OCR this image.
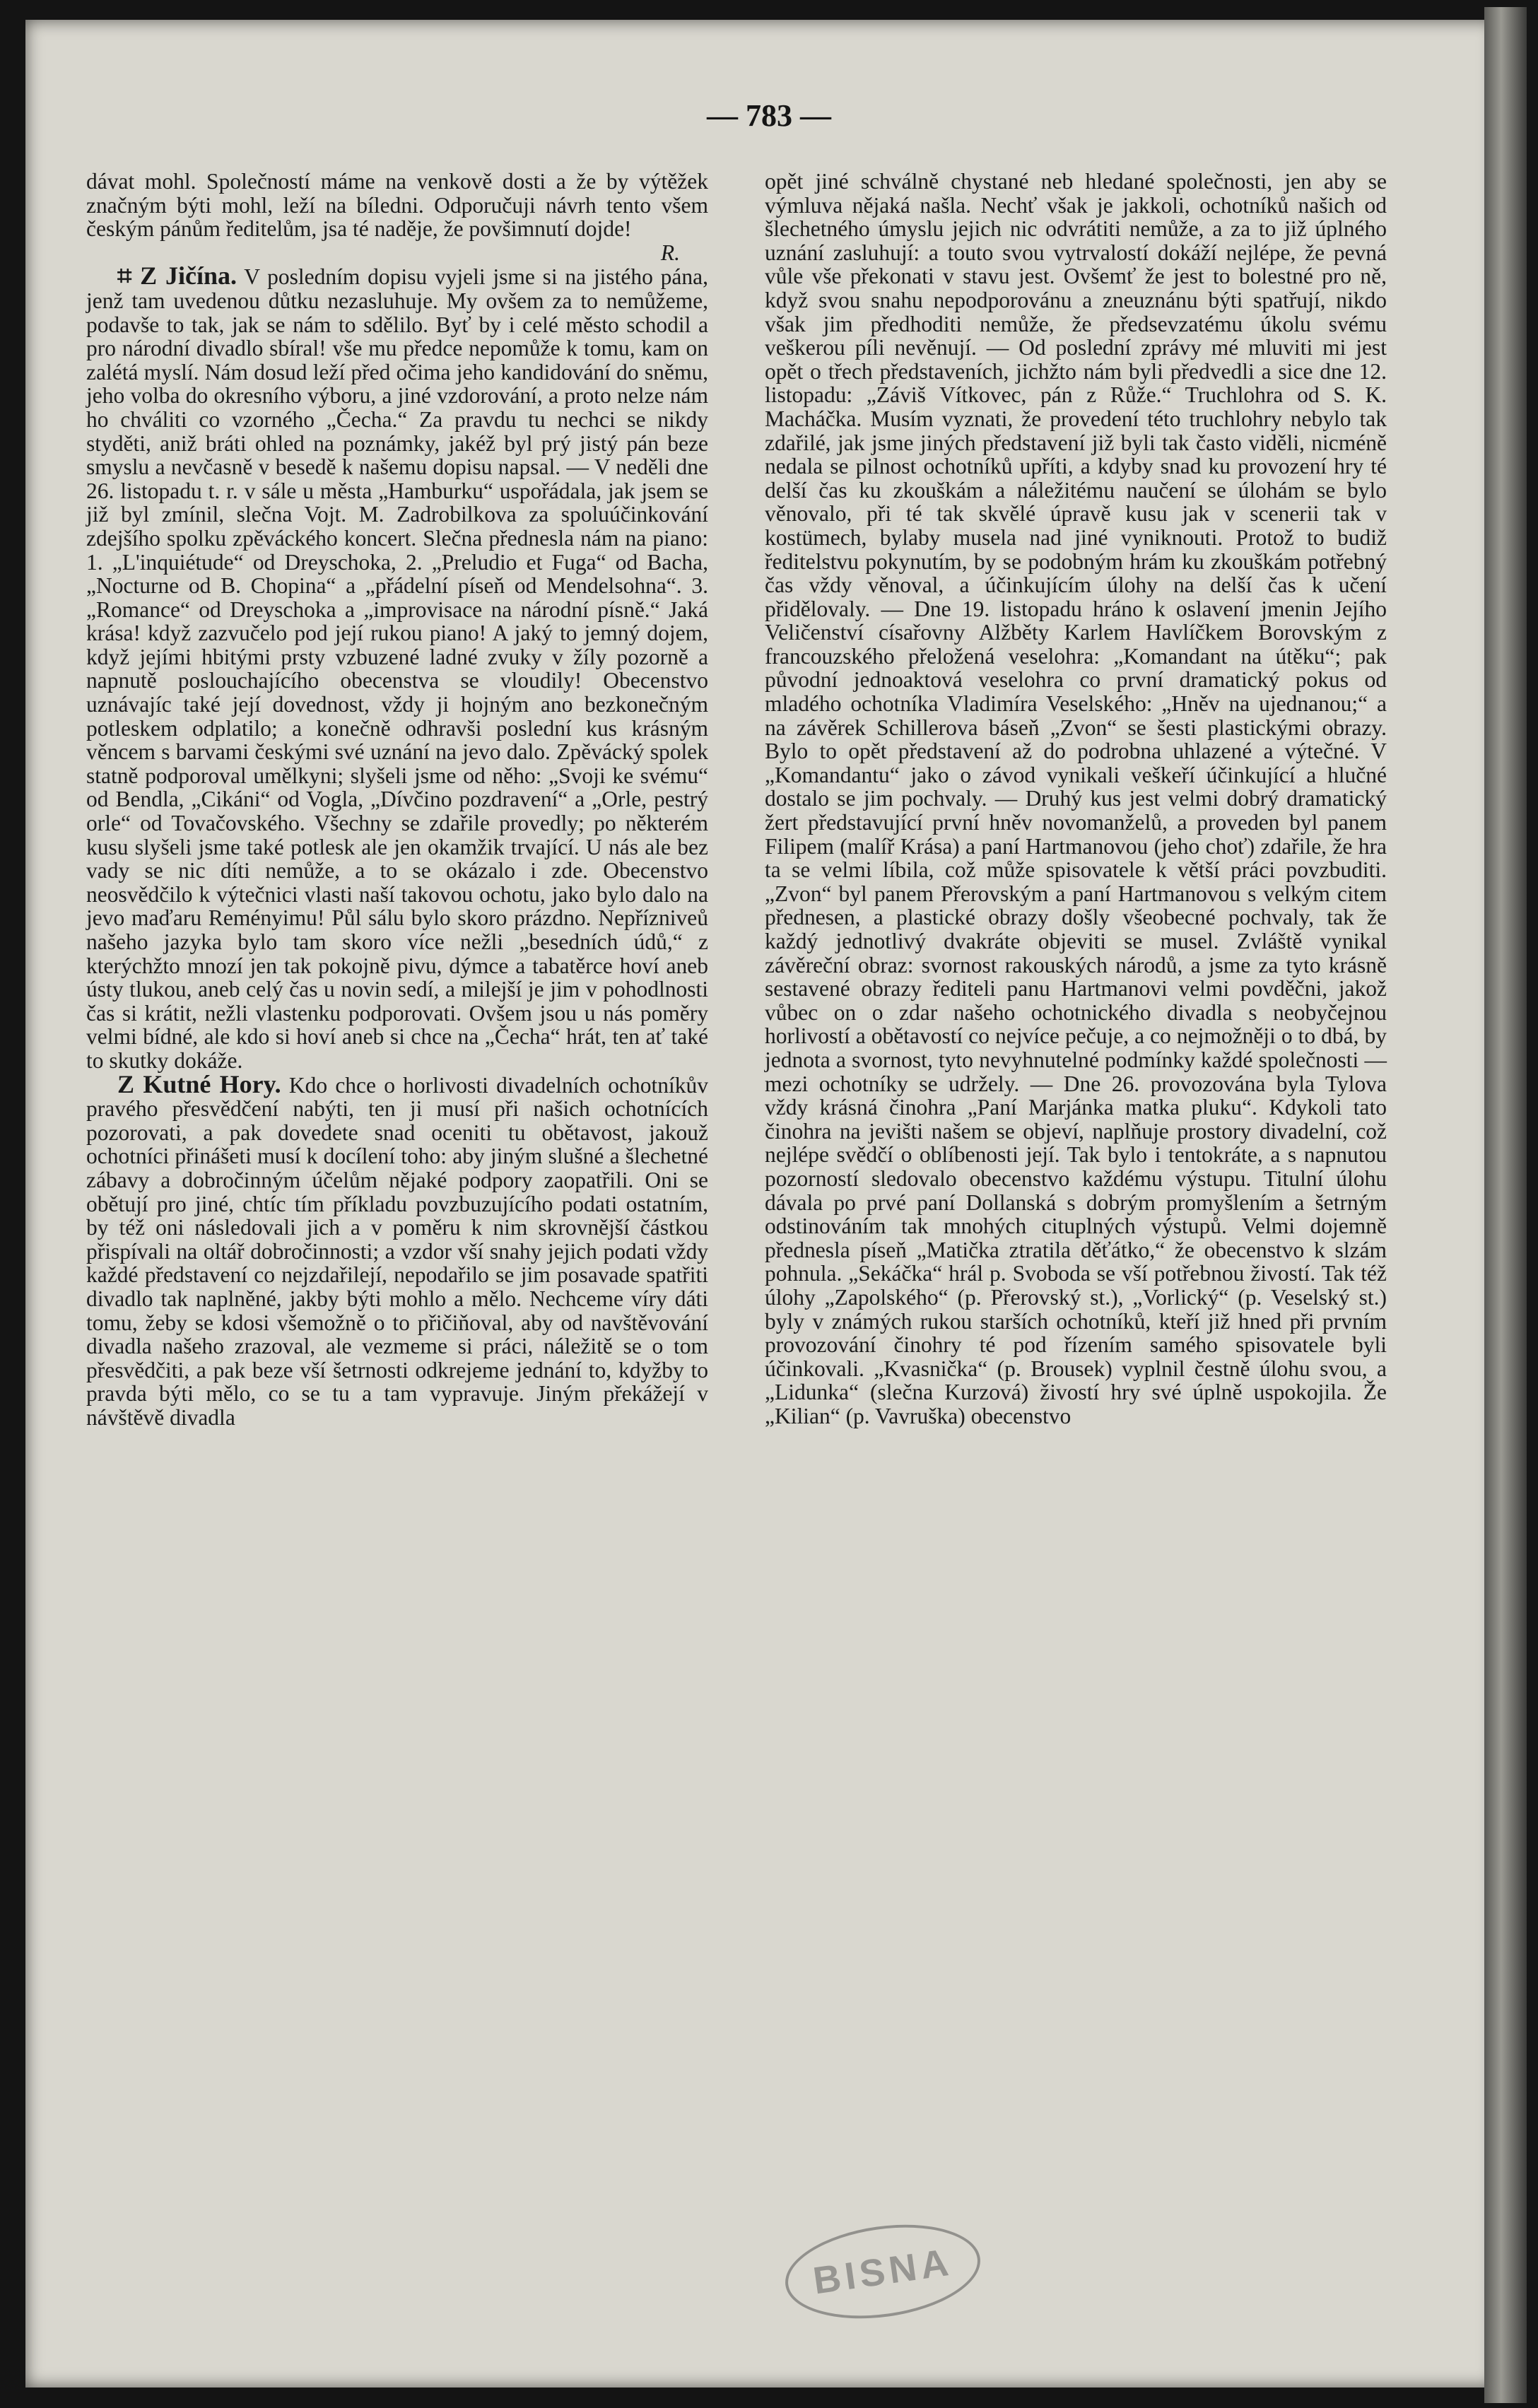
— 783 —

dávat mohl. Společností máme na venkově dosti a že by výtěžek značným býti mohl, leží na bíledni. Odporučuji návrh tento všem českým pánům ředitelům, jsa té naděje, že povšimnutí dojde!

R.

⌗ Z Jičína. V posledním dopisu vyjeli jsme si na jistého pána, jenž tam uvedenou důtku nezasluhuje. My ovšem za to nemůžeme, podavše to tak, jak se nám to sdělilo. Byť by i celé město schodil a pro národní divadlo sbíral! vše mu předce nepomůže k tomu, kam on zalétá myslí. Nám dosud leží před očima jeho kandidování do sněmu, jeho volba do okresního výboru, a jiné vzdorování, a proto nelze nám ho chváliti co vzorného „Čecha.“ Za pravdu tu nechci se nikdy styděti, aniž bráti ohled na poznámky, jakéž byl prý jistý pán beze smyslu a nevčasně v besedě k našemu dopisu napsal. — V neděli dne 26. listopadu t. r. v sále u města „Hamburku“ uspořádala, jak jsem se již byl zmínil, slečna Vojt. M. Zadrobilkova za spoluúčinkování zdejšího spolku zpěváckého koncert. Slečna přednesla nám na piano: 1. „L'inquiétude“ od Dreyschoka, 2. „Preludio et Fuga“ od Bacha, „Nocturne od B. Chopina“ a „přádelní píseň od Mendelsohna“. 3. „Romance“ od Dreyschoka a „improvisace na národní písně.“ Jaká krása! když zazvučelo pod její rukou piano! A jaký to jemný dojem, když jejími hbitými prsty vzbuzené ladné zvuky v žíly pozorně a napnutě poslouchajícího obecenstva se vloudily! Obecenstvo uznávajíc také její dovednost, vždy ji hojným ano bezkonečným potleskem odplatilo; a konečně odhravši poslední kus krásným věncem s barvami českými své uznání na jevo dalo. Zpěvácký spolek statně podporoval umělkyni; slyšeli jsme od něho: „Svoji ke svému“ od Bendla, „Cikáni“ od Vogla, „Dívčino pozdravení“ a „Orle, pestrý orle“ od Tovačovského. Všechny se zdařile provedly; po některém kusu slyšeli jsme také potlesk ale jen okamžik trvající. U nás ale bez vady se nic díti nemůže, a to se okázalo i zde. Obecenstvo neosvědčilo k výtečnici vlasti naší takovou ochotu, jako bylo dalo na jevo maďaru Reményimu! Půl sálu bylo skoro prázdno. Nepřízniveů našeho jazyka bylo tam skoro více nežli „besedních údů,“ z kterýchžto mnozí jen tak pokojně pivu, dýmce a tabatěrce hoví aneb ústy tlukou, aneb celý čas u novin sedí, a milejší je jim v pohodlnosti čas si krátit, nežli vlastenku podporovati. Ovšem jsou u nás poměry velmi bídné, ale kdo si hoví aneb si chce na „Čecha“ hrát, ten ať také to skutky dokáže.

Z Kutné Hory. Kdo chce o horlivosti divadelních ochotníkův pravého přesvědčení nabýti, ten ji musí při našich ochotnících pozorovati, a pak dovedete snad oceniti tu obětavost, jakouž ochotníci přinášeti musí k docílení toho: aby jiným slušné a šlechetné zábavy a dobročinným účelům nějaké podpory zaopatřili. Oni se obětují pro jiné, chtíc tím příkladu povzbuzujícího podati ostatním, by též oni následovali jich a v poměru k nim skrovnější částkou přispívali na oltář dobročinnosti; a vzdor vší snahy jejich podati vždy každé představení co nejzdařilejí, nepodařilo se jim posavade spatřiti divadlo tak naplněné, jakby býti mohlo a mělo. Nechceme víry dáti tomu, žeby se kdosi všemožně o to přičiňoval, aby od navštěvování divadla našeho zrazoval, ale vezmeme si práci, náležitě se o tom přesvědčiti, a pak beze vší šetrnosti odkrejeme jednání to, kdyžby to pravda býti mělo, co se tu a tam vypravuje. Jiným překážejí v návštěvě divadla

opět jiné schválně chystané neb hledané společnosti, jen aby se výmluva nějaká našla. Nechť však je jakkoli, ochotníků našich od šlechetného úmyslu jejich nic odvrátiti nemůže, a za to již úplného uznání zasluhují: a touto svou vytrvalostí dokáží nejlépe, že pevná vůle vše překonati v stavu jest. Ovšemť že jest to bolestné pro ně, když svou snahu nepodporovánu a zneuznánu býti spatřují, nikdo však jim předhoditi nemůže, že předsevzatému úkolu svému veškerou píli nevěnují. — Od poslední zprávy mé mluviti mi jest opět o třech představeních, jichžto nám byli předvedli a sice dne 12. listopadu: „Záviš Vítkovec, pán z Růže.“ Truchlohra od S. K. Macháčka. Musím vyznati, že provedení této truchlohry nebylo tak zdařilé, jak jsme jiných představení již byli tak často viděli, nicméně nedala se pilnost ochotníků upříti, a kdyby snad ku provození hry té delší čas ku zkouškám a náležitému naučení se úlohám se bylo věnovalo, při té tak skvělé úpravě kusu jak v scenerii tak v kostümech, bylaby musela nad jiné vyniknouti. Protož to budiž ředitelstvu pokynutím, by se podobným hrám ku zkouškám potřebný čas vždy věnoval, a účinkujícím úlohy na delší čas k učení přidělovaly. — Dne 19. listopadu hráno k oslavení jmenin Jejího Veličenství císařovny Alžběty Karlem Havlíčkem Borovským z francouzského přeložená veselohra: „Komandant na útěku“; pak původní jednoaktová veselohra co první dramatický pokus od mladého ochotníka Vladimíra Veselského: „Hněv na ujednanou;“ a na závěrek Schillerova báseň „Zvon“ se šesti plastickými obrazy. Bylo to opět představení až do podrobna uhlazené a výtečné. V „Komandantu“ jako o závod vynikali veškeří účinkující a hlučné dostalo se jim pochvaly. — Druhý kus jest velmi dobrý dramatický žert představující první hněv novomanželů, a proveden byl panem Filipem (malíř Krása) a paní Hartmanovou (jeho choť) zdařile, že hra ta se velmi líbila, což může spisovatele k větší práci povzbuditi. „Zvon“ byl panem Přerovským a paní Hartmanovou s velkým citem přednesen, a plastické obrazy došly všeobecné pochvaly, tak že každý jednotlivý dvakráte objeviti se musel. Zvláště vynikal závěreční obraz: svornost rakouských národů, a jsme za tyto krásně sestavené obrazy řediteli panu Hartmanovi velmi povděčni, jakož vůbec on o zdar našeho ochotnického divadla s neobyčejnou horlivostí a obětavostí co nejvíce pečuje, a co nejmožněji o to dbá, by jednota a svornost, tyto nevyhnutelné podmínky každé společnosti — mezi ochotníky se udržely. — Dne 26. provozována byla Tylova vždy krásná činohra „Paní Marjánka matka pluku“. Kdykoli tato činohra na jevišti našem se objeví, naplňuje prostory divadelní, což nejlépe svědčí o oblíbenosti její. Tak bylo i tentokráte, a s napnutou pozorností sledovalo obecenstvo každému výstupu. Titulní úlohu dávala po prvé paní Dollanská s dobrým promyšlením a šetrným odstinováním tak mnohých cituplných výstupů. Velmi dojemně přednesla píseň „Matička ztratila děťátko,“ že obecenstvo k slzám pohnula. „Sekáčka“ hrál p. Svoboda se vší potřebnou živostí. Tak též úlohy „Zapolského“ (p. Přerovský st.), „Vorlický“ (p. Veselský st.) byly v známých rukou starších ochotníků, kteří již hned při prvním provozování činohry té pod řízením samého spisovatele byli účinkovali. „Kvasnička“ (p. Brousek) vyplnil čestně úlohu svou, a „Lidunka“ (slečna Kurzová) živostí hry své úplně uspokojila. Že „Kilian“ (p. Vavruška) obecenstvo

BISNA
